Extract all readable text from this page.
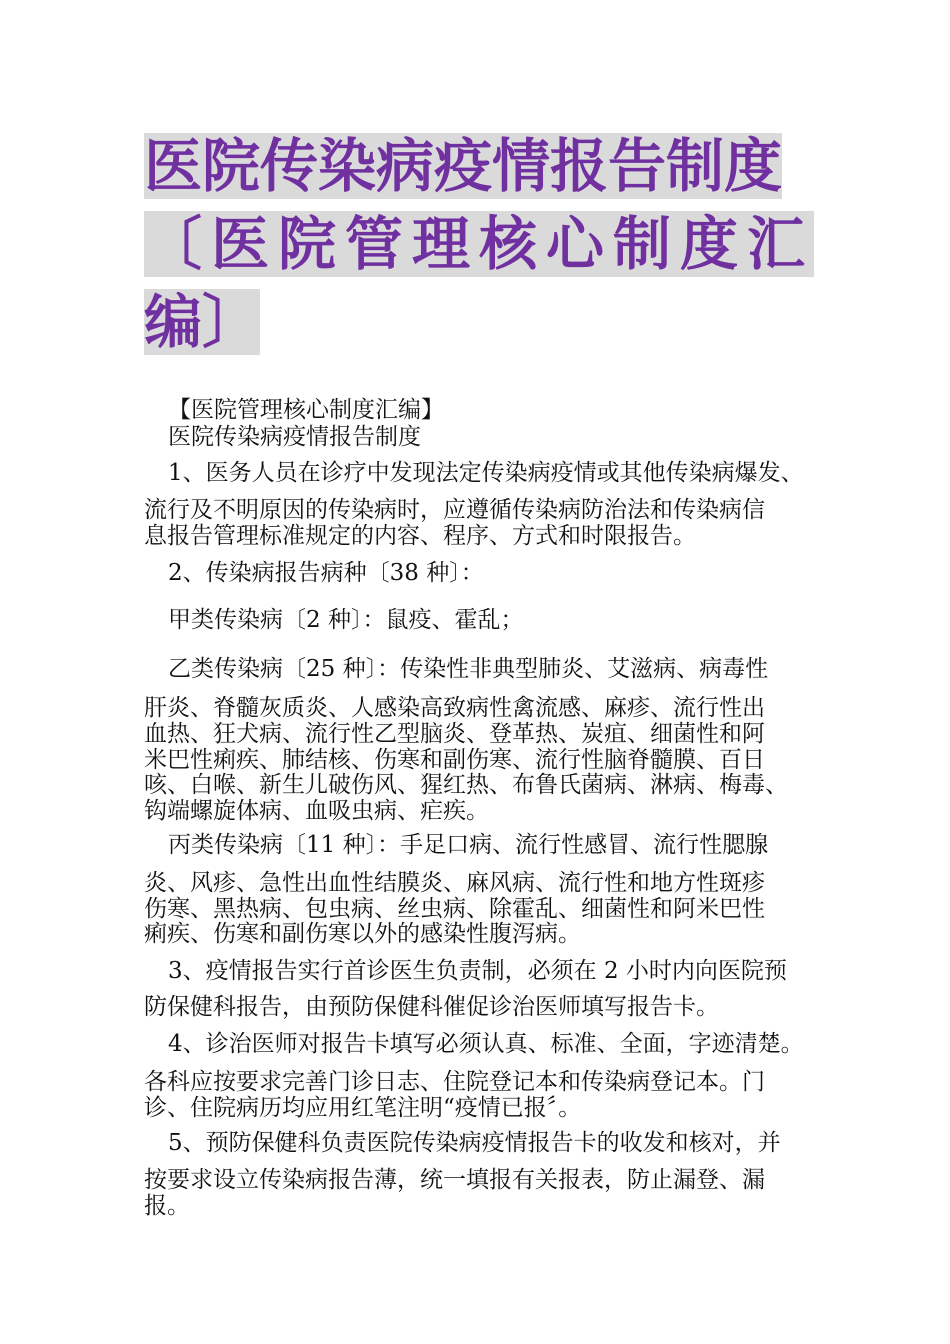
医院传染病疫情报告制度
〔医院管理核心制度汇
编〕
【医院管理核心制度汇编】
医院传染病疫情报告制度
1、医务人员在诊疗中发现法定传染病疫情或其他传染病爆发、
流行及不明原因的传染病时，应遵循传染病防治法和传染病信
息报告管理标准规定的内容、程序、方式和时限报告。
2、传染病报告病种〔38 种〕：
甲类传染病〔2 种〕：鼠疫、霍乱；
乙类传染病〔25 种〕：传染性非典型肺炎、艾滋病、病毒性
肝炎、脊髓灰质炎、人感染高致病性禽流感、麻疹、流行性出
血热、狂犬病、流行性乙型脑炎、登革热、炭疽、细菌性和阿
米巴性痢疾、肺结核、伤寒和副伤寒、流行性脑脊髓膜、百日
咳、白喉、新生儿破伤风、猩红热、布鲁氏菌病、淋病、梅毒、
钩端螺旋体病、血吸虫病、疟疾。
丙类传染病〔11 种〕：手足口病、流行性感冒、流行性腮腺
炎、风疹、急性出血性结膜炎、麻风病、流行性和地方性斑疹
伤寒、黑热病、包虫病、丝虫病、除霍乱、细菌性和阿米巴性
痢疾、伤寒和副伤寒以外的感染性腹泻病。
3、疫情报告实行首诊医生负责制，必须在 2 小时内向医院预
防保健科报告，由预防保健科催促诊治医师填写报告卡。
4、诊治医师对报告卡填写必须认真、标准、全面，字迹清楚。
各科应按要求完善门诊日志、住院登记本和传染病登记本。门
诊、住院病历均应用红笔注明“疫情已报〞。
5、预防保健科负责医院传染病疫情报告卡的收发和核对，并
按要求设立传染病报告薄，统一填报有关报表，防止漏登、漏
报。
